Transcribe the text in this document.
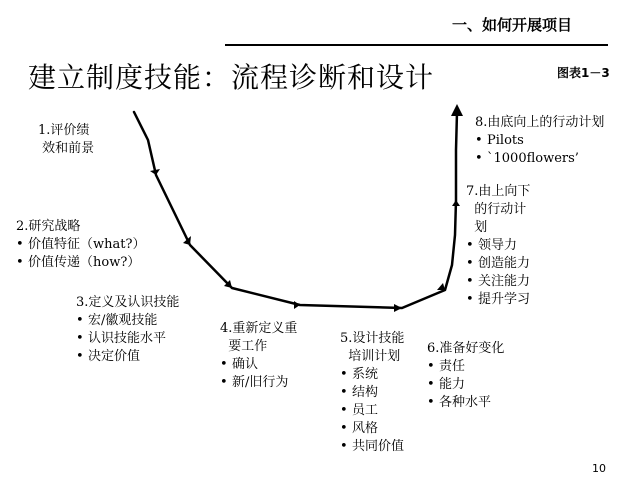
一、如何开展项目
建立制度技能：流程诊断和设计	图表1－3
1.评价绩
效和前景
2.研究战略
• 价值特征（what?）
• 价值传递（how?）
3.定义及认识技能
• 宏/徽观技能
• 认识技能水平
• 决定价值
4.重新定义重
要工作
• 确认
• 新/旧行为
5.设计技能
培训计划
• 系统
• 结构
• 员工
• 风格
• 共同价值
6.准备好变化
• 责任
• 能力
• 各种水平
7.由上向下
的行动计
划
• 领导力
• 创造能力
• 关注能力
• 提升学习
8.由底向上的行动计划
• Pilots
• `1000flowers’
10
